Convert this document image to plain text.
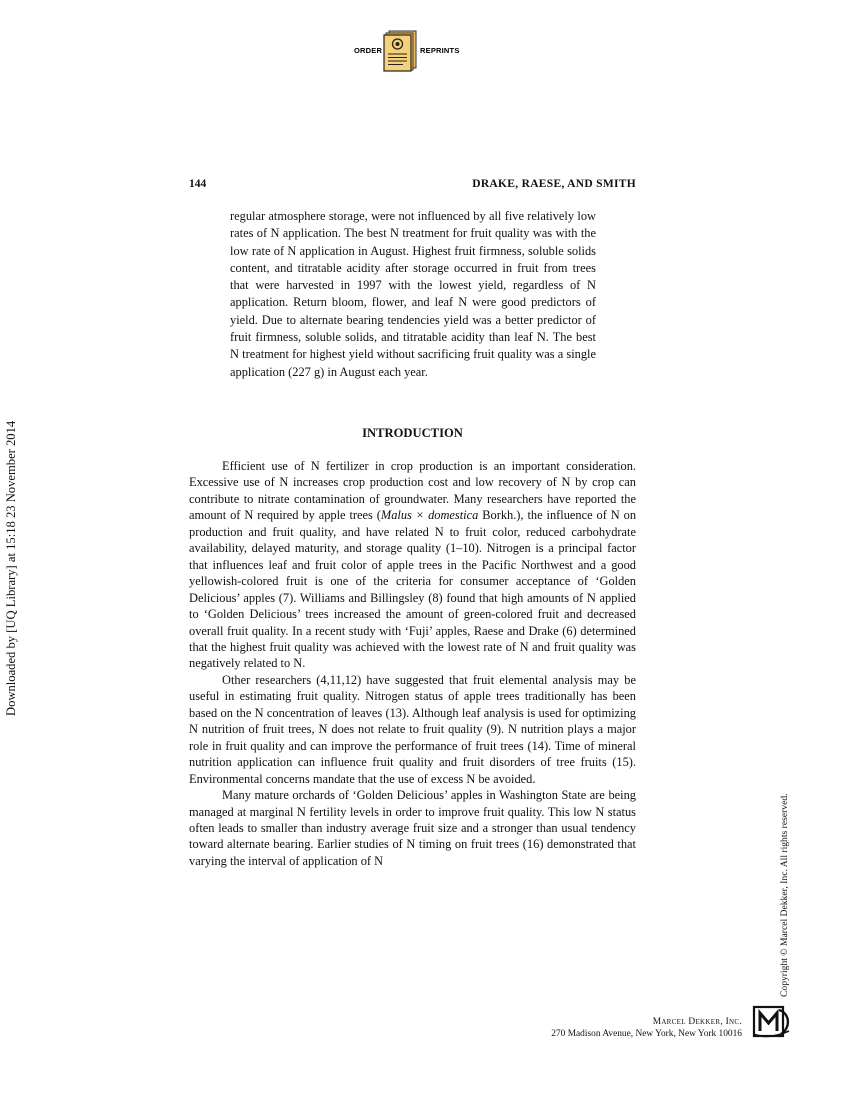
ORDER	REPRINTS
144	DRAKE, RAESE, AND SMITH

regular atmosphere storage, were not influenced by all five relatively low rates of N application. The best N treatment for fruit quality was with the low rate of N application in August. Highest fruit firmness, soluble solids content, and titratable acidity after storage occurred in fruit from trees that were harvested in 1997 with the lowest yield, regardless of N application. Return bloom, flower, and leaf N were good predictors of yield. Due to alternate bearing tendencies yield was a better predictor of fruit firmness, soluble solids, and titratable acidity than leaf N. The best N treatment for highest yield without sacrificing fruit quality was a single application (227 g) in August each year.

INTRODUCTION

Efficient use of N fertilizer in crop production is an important consideration. Excessive use of N increases crop production cost and low recovery of N by crop can contribute to nitrate contamination of groundwater. Many researchers have reported the amount of N required by apple trees (Malus × domestica Borkh.), the influence of N on production and fruit quality, and have related N to fruit color, reduced carbohydrate availability, delayed maturity, and storage quality (1–10). Nitrogen is a principal factor that influences leaf and fruit color of apple trees in the Pacific Northwest and a good yellowish-colored fruit is one of the criteria for consumer acceptance of ‘Golden Delicious’ apples (7). Williams and Billingsley (8) found that high amounts of N applied to ‘Golden Delicious’ trees increased the amount of green-colored fruit and decreased overall fruit quality. In a recent study with ‘Fuji’ apples, Raese and Drake (6) determined that the highest fruit quality was achieved with the lowest rate of N and fruit quality was negatively related to N.

Other researchers (4,11,12) have suggested that fruit elemental analysis may be useful in estimating fruit quality. Nitrogen status of apple trees traditionally has been based on the N concentration of leaves (13). Although leaf analysis is used for optimizing N nutrition of fruit trees, N does not relate to fruit quality (9). N nutrition plays a major role in fruit quality and can improve the performance of fruit trees (14). Time of mineral nutrition application can influence fruit quality and fruit disorders of tree fruits (15). Environmental concerns mandate that the use of excess N be avoided.

Many mature orchards of ‘Golden Delicious’ apples in Washington State are being managed at marginal N fertility levels in order to improve fruit quality. This low N status often leads to smaller than industry average fruit size and a stronger than usual tendency toward alternate bearing. Earlier studies of N timing on fruit trees (16) demonstrated that varying the interval of application of N

Downloaded by [UQ Library] at 15:18 23 November 2014
Copyright © Marcel Dekker, Inc. All rights reserved.
Marcel Dekker, Inc.
270 Madison Avenue, New York, New York 10016
